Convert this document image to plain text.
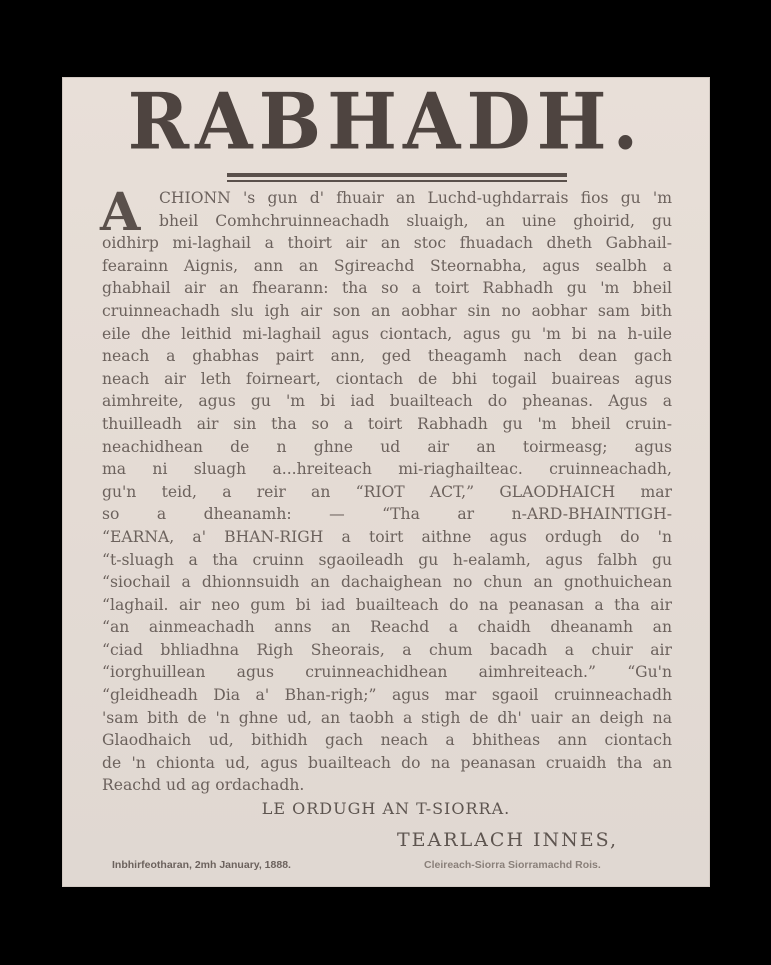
RABHADH.
A	CHIONN 's gun d' fhuair an Luchd-ughdarrais fios gu 'm
bheil Comhchruinneachadh sluaigh, an uine ghoirid, gu
oidhirp mi-laghail a thoirt air an stoc fhuadach dheth Gabhail-
fearainn Aignis, ann an Sgireachd Steornabha, agus sealbh a
ghabhail air an fhearann: tha so a toirt Rabhadh gu 'm bheil
cruinneachadh slu igh air son an aobhar sin no aobhar sam bith
eile dhe leithid mi-laghail agus ciontach, agus gu 'm bi na h-uile
neach a ghabhas pairt ann, ged theagamh nach dean gach
neach air leth foirneart, ciontach de bhi togail buaireas agus
aimhreite, agus gu 'm bi iad buailteach do pheanas. Agus a
thuilleadh air sin tha so a toirt Rabhadh gu 'm bheil cruin-
neachidhean de n ghne ud air an toirmeasg; agus
ma ni sluagh a...hreiteach mi-riaghailteac. cruinneachadh,
gu'n teid, a reir an “RIOT ACT,” GLAODHAICH mar
so a dheanamh: — “Tha ar n-ARD-BHAINTIGH-
“EARNA, a' BHAN-RIGH a toirt aithne agus ordugh do 'n
“t-sluagh a tha cruinn sgaoileadh gu h-ealamh, agus falbh gu
“siochail a dhionnsuidh an dachaighean no chun an gnothuichean
“laghail. air neo gum bi iad buailteach do na peanasan a tha air
“an ainmeachadh anns an Reachd a chaidh dheanamh an
“ciad bhliadhna Righ Sheorais, a chum bacadh a chuir air
“iorghuillean agus cruinneachidhean aimhreiteach.” “Gu'n
“gleidheadh Dia a' Bhan-righ;” agus mar sgaoil cruinneachadh
'sam bith de 'n ghne ud, an taobh a stigh de dh' uair an deigh na
Glaodhaich ud, bithidh gach neach a bhitheas ann ciontach
de 'n chionta ud, agus buailteach do na peanasan cruaidh tha an
Reachd ud ag ordachadh.
LE ORDUGH AN T-SIORRA.
TEARLACH INNES,
Inbhirfeotharan, 2mh January, 1888.	Cleireach-Siorra Siorramachd Rois.
